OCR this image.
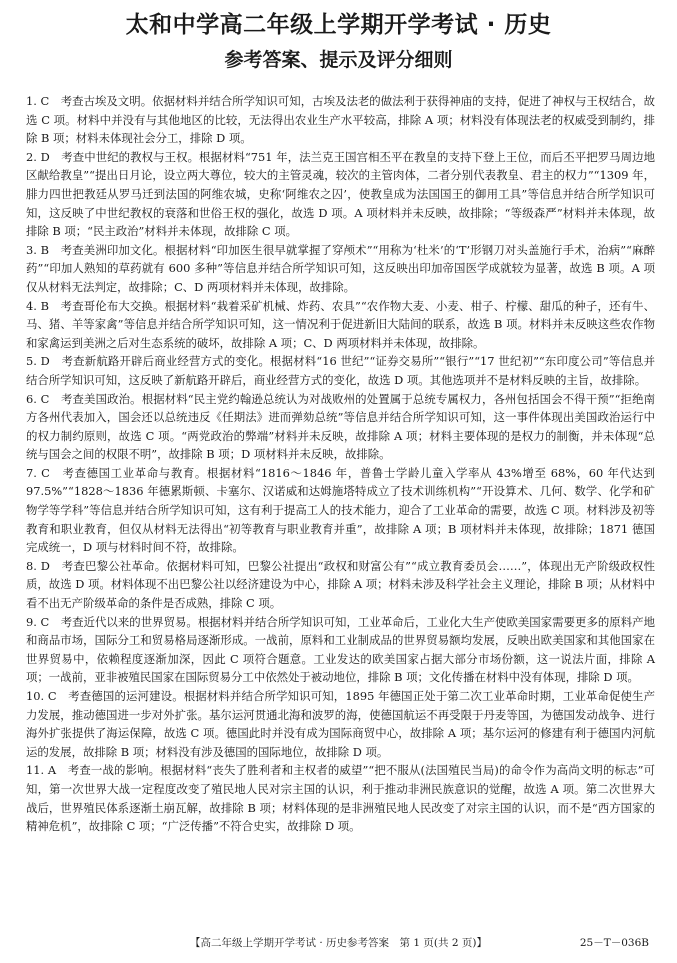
太和中学高二年级上学期开学考试 · 历史
参考答案、提示及评分细则

1. C　考查古埃及文明。依据材料并结合所学知识可知，古埃及法老的做法利于获得神庙的支持，促进了神权与王权结合，故选 C 项。材料中并没有与其他地区的比较，无法得出农业生产水平较高，排除 A 项；材料没有体现法老的权威受到制约，排除 B 项；材料未体现社会分工，排除 D 项。

2. D　考查中世纪的教权与王权。根据材料“751 年，法兰克王国宫相丕平在教皇的支持下登上王位，而后丕平把罗马周边地区献给教皇”“提出日月论，设立两大尊位，较大的主管灵魂，较次的主管肉体，二者分别代表教皇、君主的权力”“1309 年，腓力四世把教廷从罗马迁到法国的阿维农城，史称‘阿维农之囚’，使教皇成为法国国王的御用工具”等信息并结合所学知识可知，这反映了中世纪教权的衰落和世俗王权的强化，故选 D 项。A 项材料并未反映，故排除；“等级森严”材料并未体现，故排除 B 项；“民主政治”材料并未体现，故排除 C 项。

3. B　考查美洲印加文化。根据材料“印加医生很早就掌握了穿颅术”“用称为‘杜米’的‘T’形钢刀对头盖施行手术，治病”“麻醉药”“印加人熟知的草药就有 600 多种”等信息并结合所学知识可知，这反映出印加帝国医学成就较为显著，故选 B 项。A 项仅从材料无法判定，故排除；C、D 两项材料并未体现，故排除。

4. B　考查哥伦布大交换。根据材料“栽着采矿机械、炸药、农具”“农作物大麦、小麦、柑子、柠檬、甜瓜的种子，还有牛、马、猪、羊等家禽”等信息并结合所学知识可知，这一情况利于促进新旧大陆间的联系，故选 B 项。材料并未反映这些农作物和家禽运到美洲之后对生态系统的破坏，故排除 A 项；C、D 两项材料并未体现，故排除。

5. D　考查新航路开辟后商业经营方式的变化。根据材料“16 世纪”“证券交易所”“银行”“17 世纪初”“东印度公司”等信息并结合所学知识可知，这反映了新航路开辟后，商业经营方式的变化，故选 D 项。其他选项并不是材料反映的主旨，故排除。

6. C　考查美国政治。根据材料“民主党约翰逊总统认为对战败州的处置属于总统专属权力，各州包括国会不得干预”“拒绝南方各州代表加入，国会还以总统违反《任期法》进而弹劾总统”等信息并结合所学知识可知，这一事件体现出美国政治运行中的权力制约原则，故选 C 项。“两党政治的弊端”材料并未反映，故排除 A 项；材料主要体现的是权力的制衡，并未体现“总统与国会之间的权限不明”，故排除 B 项；D 项材料并未反映，故排除。

7. C　考查德国工业革命与教育。根据材料“1816～1846 年，普鲁士学龄儿童入学率从 43%增至 68%，60 年代达到 97.5%”“1828～1836 年德累斯顿、卡塞尔、汉诺威和达姆施塔特成立了技术训练机构”“开设算术、几何、数学、化学和矿物学等学科”等信息并结合所学知识可知，这有利于提高工人的技术能力，迎合了工业革命的需要，故选 C 项。材料涉及初等教育和职业教育，但仅从材料无法得出“初等教育与职业教育并重”，故排除 A 项；B 项材料并未体现，故排除；1871 德国完成统一，D 项与材料时间不符，故排除。

8. D　考查巴黎公社革命。依据材料可知，巴黎公社提出“政权和财富公有”“成立教育委员会……”，体现出无产阶级政权性质，故选 D 项。材料体现不出巴黎公社以经济建设为中心，排除 A 项；材料未涉及科学社会主义理论，排除 B 项；从材料中看不出无产阶级革命的条件是否成熟，排除 C 项。

9. C　考查近代以来的世界贸易。根据材料并结合所学知识可知，工业革命后，工业化大生产使欧美国家需要更多的原料产地和商品市场，国际分工和贸易格局逐渐形成。一战前，原料和工业制成品的世界贸易额均发展，反映出欧美国家和其他国家在世界贸易中，依赖程度逐渐加深，因此 C 项符合题意。工业发达的欧美国家占据大部分市场份额，这一说法片面，排除 A 项；一战前，亚非被殖民国家在国际贸易分工中依然处于被动地位，排除 B 项；文化传播在材料中没有体现，排除 D 项。

10. C　考查德国的运河建设。根据材料并结合所学知识可知，1895 年德国正处于第二次工业革命时期，工业革命促使生产力发展，推动德国进一步对外扩张。基尔运河贯通北海和波罗的海，使德国航运不再受限于丹麦等国，为德国发动战争、进行海外扩张提供了海运保障，故选 C 项。德国此时并没有成为国际商贸中心，故排除 A 项；基尔运河的修建有利于德国内河航运的发展，故排除 B 项；材料没有涉及德国的国际地位，故排除 D 项。

11. A　考查一战的影响。根据材料“丧失了胜利者和主权者的威望”“把不服从(法国殖民当局)的命令作为高尚文明的标志”可知，第一次世界大战一定程度改变了殖民地人民对宗主国的认识，利于推动非洲民族意识的觉醒，故选 A 项。第二次世界大战后，世界殖民体系逐渐土崩瓦解，故排除 B 项；材料体现的是非洲殖民地人民改变了对宗主国的认识，而不是“西方国家的精神危机”，故排除 C 项；“广泛传播”不符合史实，故排除 D 项。

【高二年级上学期开学考试 · 历史参考答案　第 1 页(共 2 页)】	25－T－036B
